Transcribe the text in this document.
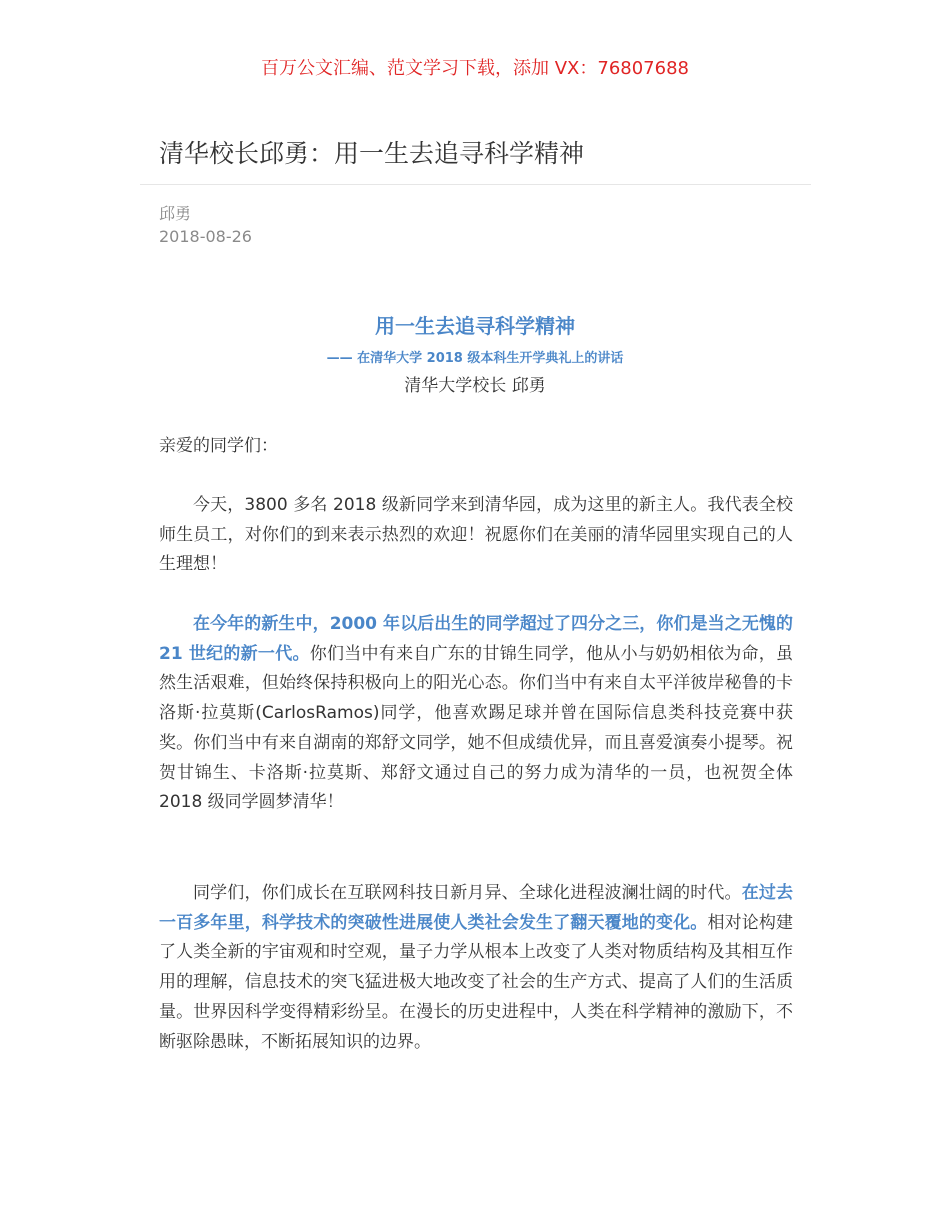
百万公文汇编、范文学习下载，添加 VX：76807688
清华校长邱勇：用一生去追寻科学精神
邱勇
2018-08-26
用一生去追寻科学精神
—— 在清华大学 2018 级本科生开学典礼上的讲话
清华大学校长 邱勇
亲爱的同学们：

今天，3800 多名 2018 级新同学来到清华园，成为这里的新主人。我代表全校师生员工，对你们的到来表示热烈的欢迎！祝愿你们在美丽的清华园里实现自己的人生理想！

在今年的新生中，2000 年以后出生的同学超过了四分之三，你们是当之无愧的 21 世纪的新一代。你们当中有来自广东的甘锦生同学，他从小与奶奶相依为命，虽然生活艰难，但始终保持积极向上的阳光心态。你们当中有来自太平洋彼岸秘鲁的卡洛斯·拉莫斯(CarlosRamos)同学，他喜欢踢足球并曾在国际信息类科技竞赛中获奖。你们当中有来自湖南的郑舒文同学，她不但成绩优异，而且喜爱演奏小提琴。祝贺甘锦生、卡洛斯·拉莫斯、郑舒文通过自己的努力成为清华的一员，也祝贺全体 2018 级同学圆梦清华！

同学们，你们成长在互联网科技日新月异、全球化进程波澜壮阔的时代。在过去一百多年里，科学技术的突破性进展使人类社会发生了翻天覆地的变化。相对论构建了人类全新的宇宙观和时空观，量子力学从根本上改变了人类对物质结构及其相互作用的理解，信息技术的突飞猛进极大地改变了社会的生产方式、提高了人们的生活质量。世界因科学变得精彩纷呈。在漫长的历史进程中，人类在科学精神的激励下，不断驱除愚昧，不断拓展知识的边界。
